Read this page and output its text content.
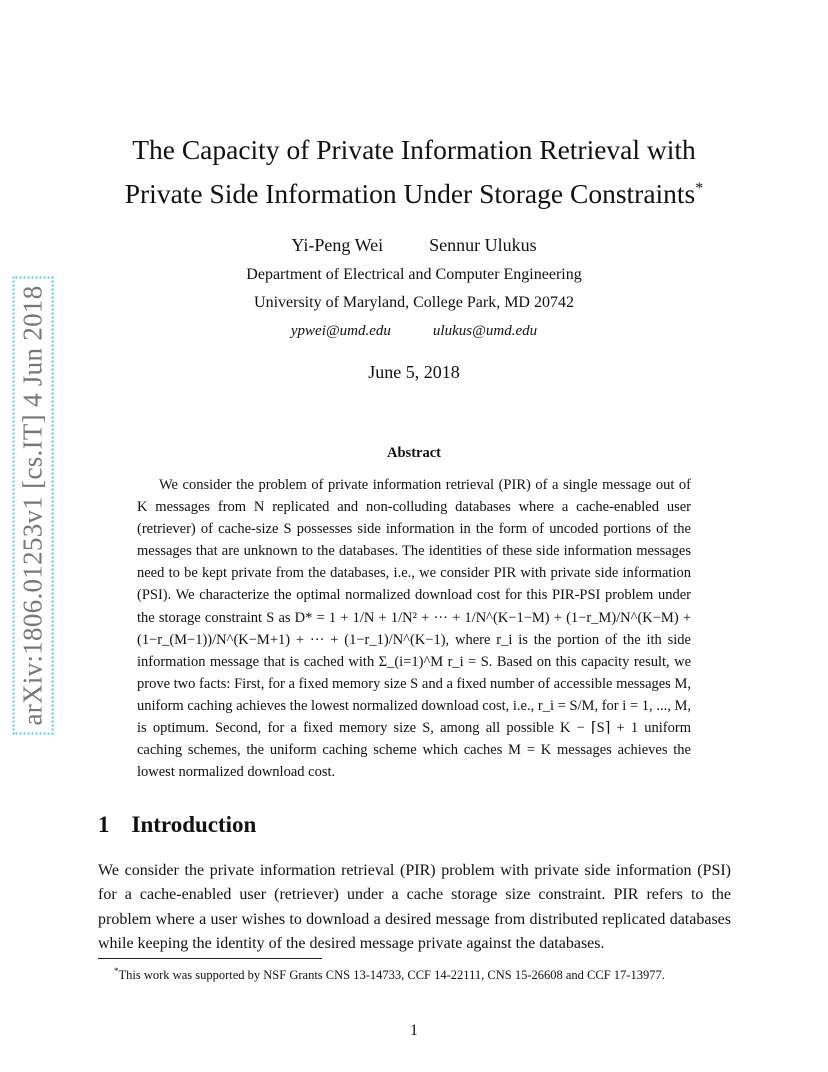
arXiv:1806.01253v1 [cs.IT] 4 Jun 2018
The Capacity of Private Information Retrieval with Private Side Information Under Storage Constraints*
Yi-Peng Wei	Sennur Ulukus
Department of Electrical and Computer Engineering
University of Maryland, College Park, MD 20742
ypwei@umd.edu	ulukus@umd.edu
June 5, 2018
Abstract

We consider the problem of private information retrieval (PIR) of a single message out of K messages from N replicated and non-colluding databases where a cache-enabled user (retriever) of cache-size S possesses side information in the form of uncoded portions of the messages that are unknown to the databases. The identities of these side information messages need to be kept private from the databases, i.e., we consider PIR with private side information (PSI). We characterize the optimal normalized download cost for this PIR-PSI problem under the storage constraint S as D* = 1 + 1/N + 1/N² + ··· + 1/N^(K−1−M) + (1−r_M)/N^(K−M) + (1−r_(M−1))/N^(K−M+1) + ··· + (1−r_1)/N^(K−1), where r_i is the portion of the ith side information message that is cached with Σ_(i=1)^M r_i = S. Based on this capacity result, we prove two facts: First, for a fixed memory size S and a fixed number of accessible messages M, uniform caching achieves the lowest normalized download cost, i.e., r_i = S/M, for i = 1, ..., M, is optimum. Second, for a fixed memory size S, among all possible K − ⌈S⌉ + 1 uniform caching schemes, the uniform caching scheme which caches M = K messages achieves the lowest normalized download cost.

1 Introduction

We consider the private information retrieval (PIR) problem with private side information (PSI) for a cache-enabled user (retriever) under a cache storage size constraint. PIR refers to the problem where a user wishes to download a desired message from distributed replicated databases while keeping the identity of the desired message private against the databases.

*This work was supported by NSF Grants CNS 13-14733, CCF 14-22111, CNS 15-26608 and CCF 17-13977.

1
